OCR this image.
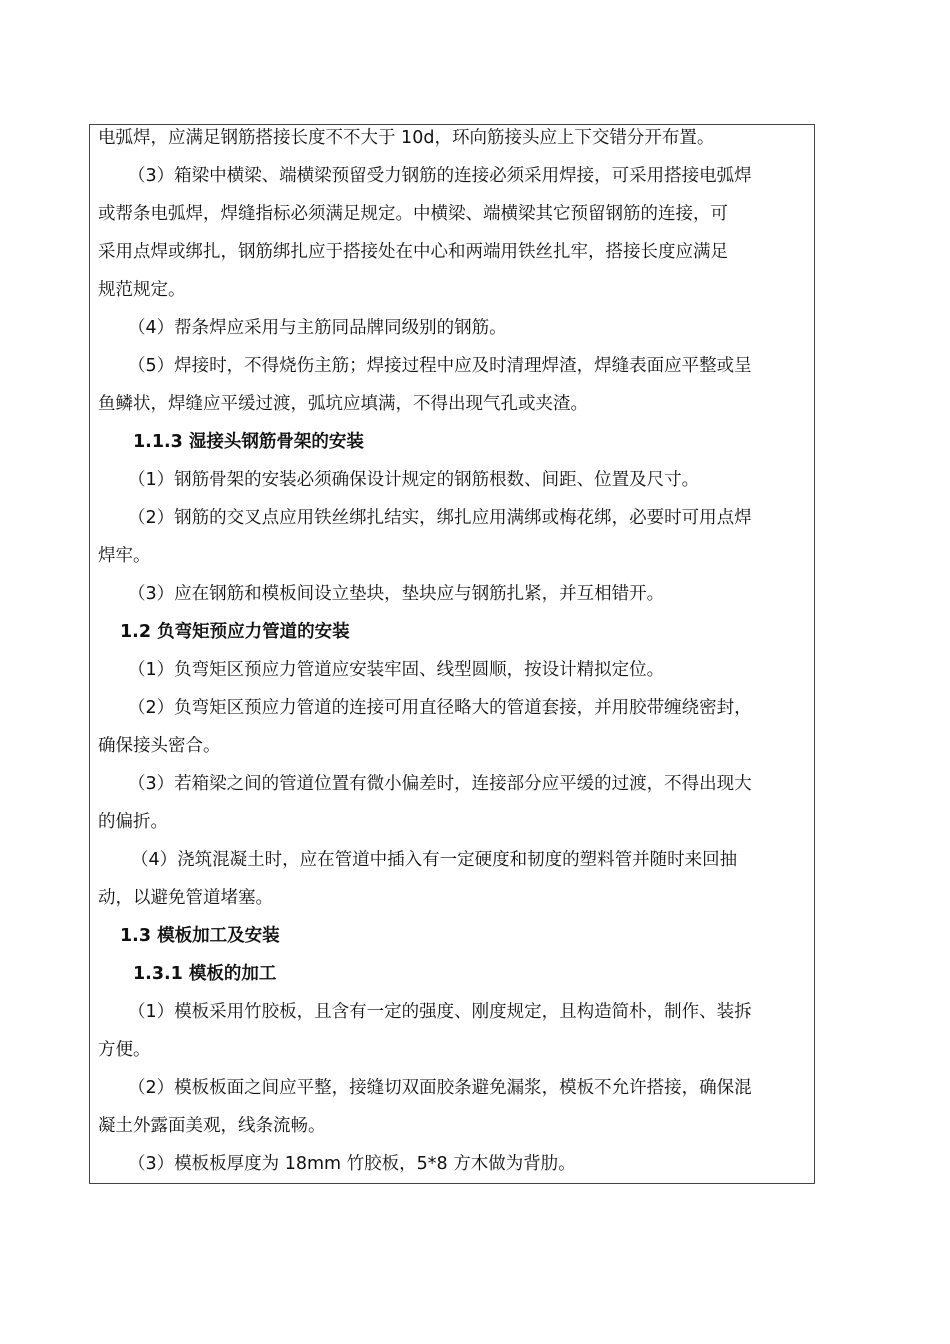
电弧焊，应满足钢筋搭接长度不不大于 10d，环向筋接头应上下交错分开布置。
（3）箱梁中横梁、端横梁预留受力钢筋的连接必须采用焊接，可采用搭接电弧焊
或帮条电弧焊，焊缝指标必须满足规定。中横梁、端横梁其它预留钢筋的连接，可
采用点焊或绑扎，钢筋绑扎应于搭接处在中心和两端用铁丝扎牢，搭接长度应满足
规范规定。
（4）帮条焊应采用与主筋同品牌同级别的钢筋。
（5）焊接时，不得烧伤主筋；焊接过程中应及时清理焊渣，焊缝表面应平整或呈
鱼鳞状，焊缝应平缓过渡，弧坑应填满，不得出现气孔或夹渣。
1.1.3 湿接头钢筋骨架的安装
（1）钢筋骨架的安装必须确保设计规定的钢筋根数、间距、位置及尺寸。
（2）钢筋的交叉点应用铁丝绑扎结实，绑扎应用满绑或梅花绑，必要时可用点焊
焊牢。
（3）应在钢筋和模板间设立垫块，垫块应与钢筋扎紧，并互相错开。
1.2 负弯矩预应力管道的安装
（1）负弯矩区预应力管道应安装牢固、线型圆顺，按设计精拟定位。
（2）负弯矩区预应力管道的连接可用直径略大的管道套接，并用胶带缠绕密封，
确保接头密合。
（3）若箱梁之间的管道位置有微小偏差时，连接部分应平缓的过渡，不得出现大
的偏折。
（4）浇筑混凝土时，应在管道中插入有一定硬度和韧度的塑料管并随时来回抽
动，以避免管道堵塞。
1.3 模板加工及安装
1.3.1 模板的加工
（1）模板采用竹胶板，且含有一定的强度、刚度规定，且构造简朴，制作、装拆
方便。
（2）模板板面之间应平整，接缝切双面胶条避免漏浆，模板不允许搭接，确保混
凝土外露面美观，线条流畅。
（3）模板板厚度为 18mm 竹胶板，5*8 方木做为背肋。
